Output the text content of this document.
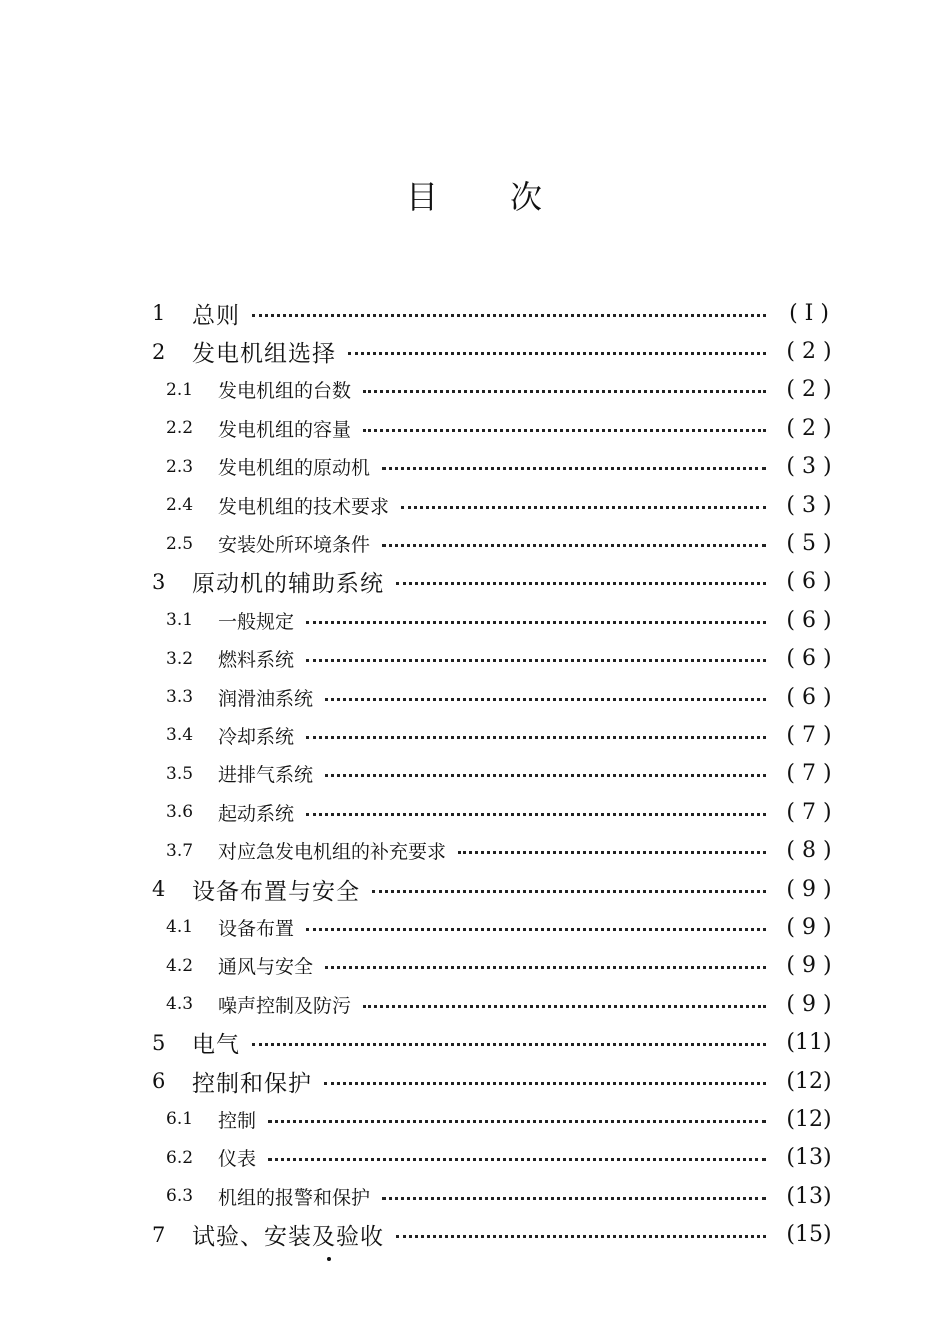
目 次
1	总则	( I )
2	发电机组选择	( 2 )
2.1	发电机组的台数	( 2 )
2.2	发电机组的容量	( 2 )
2.3	发电机组的原动机	( 3 )
2.4	发电机组的技术要求	( 3 )
2.5	安装处所环境条件	( 5 )
3	原动机的辅助系统	( 6 )
3.1	一般规定	( 6 )
3.2	燃料系统	( 6 )
3.3	润滑油系统	( 6 )
3.4	冷却系统	( 7 )
3.5	进排气系统	( 7 )
3.6	起动系统	( 7 )
3.7	对应急发电机组的补充要求	( 8 )
4	设备布置与安全	( 9 )
4.1	设备布置	( 9 )
4.2	通风与安全	( 9 )
4.3	噪声控制及防污	( 9 )
5	电气	(11)
6	控制和保护	(12)
6.1	控制	(12)
6.2	仪表	(13)
6.3	机组的报警和保护	(13)
7	试验、安装及验收	(15)
